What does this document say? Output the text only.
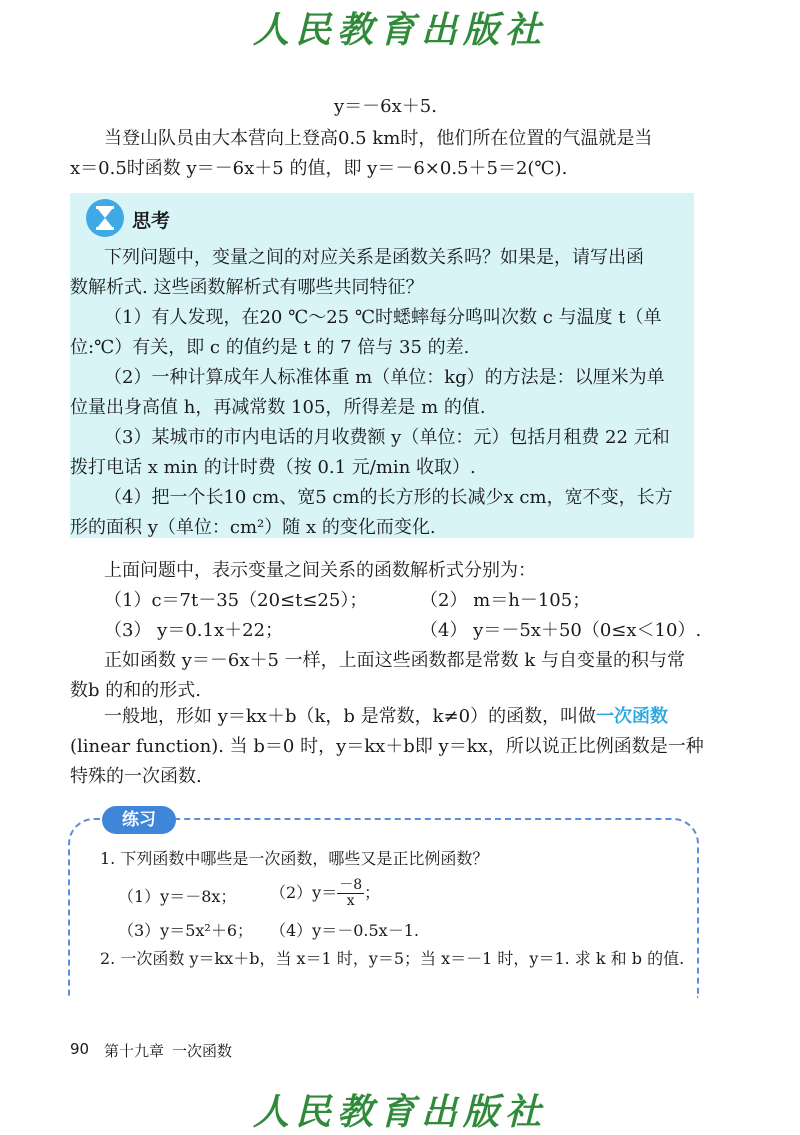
人民教育出版社
y＝－6x＋5.
当登山队员由大本营向上登高0.5 km时，他们所在位置的气温就是当
x＝0.5时函数 y＝－6x＋5 的值，即 y＝－6×0.5＋5＝2(℃).
思考
下列问题中，变量之间的对应关系是函数关系吗？如果是，请写出函
数解析式. 这些函数解析式有哪些共同特征？
（1）有人发现，在20 ℃～25 ℃时蟋蟀每分鸣叫次数 c 与温度 t（单
位:℃）有关，即 c 的值约是 t 的 7 倍与 35 的差.
（2）一种计算成年人标准体重 m（单位：kg）的方法是：以厘米为单
位量出身高值 h，再减常数 105，所得差是 m 的值.
（3）某城市的市内电话的月收费额 y（单位：元）包括月租费 22 元和
拨打电话 x min 的计时费（按 0.1 元/min 收取）.
（4）把一个长10 cm、宽5 cm的长方形的长减少x cm，宽不变，长方
形的面积 y（单位：cm²）随 x 的变化而变化.
上面问题中，表示变量之间关系的函数解析式分别为：
（1）c＝7t－35（20≤t≤25）；	（2） m＝h－105；
（3） y＝0.1x＋22；	（4） y＝－5x＋50（0≤x＜10）.
正如函数 y＝－6x＋5 一样，上面这些函数都是常数 k 与自变量的积与常
数b 的和的形式.
一般地，形如 y＝kx＋b（k，b 是常数，k≠0）的函数，叫做一次函数
(linear function). 当 b＝0 时，y＝kx＋b即 y＝kx，所以说正比例函数是一种
特殊的一次函数.
练习
1. 下列函数中哪些是一次函数，哪些又是正比例函数？
（1）y＝－8x； $(2)y= \frac{-8}{x}$ ；
（3）y＝5x²＋6； （4）y＝－0.5x－1.
2. 一次函数 y＝kx＋b，当 x＝1 时，y＝5；当 x＝－1 时，y＝1. 求 k 和 b 的值.
90 第十九章 一次函数
人民教育出版社
